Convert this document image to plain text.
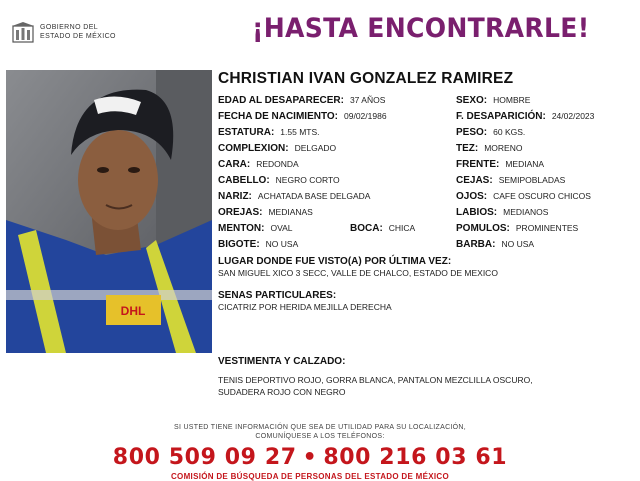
GOBIERNO DEL
ESTADO DE MÉXICO	¡HASTA ENCONTRARLE!
DHL
CHRISTIAN IVAN GONZALEZ RAMIREZ
EDAD AL DESAPARECER: 37 AÑOS
FECHA DE NACIMIENTO: 09/02/1986
ESTATURA: 1.55 MTS.
COMPLEXION: DELGADO
CARA: REDONDA
CABELLO: NEGRO CORTO
NARIZ: ACHATADA BASE DELGADA
OREJAS: MEDIANAS
MENTON: OVAL	BOCA: CHICA
BIGOTE: NO USA
SEXO: HOMBRE
F. DESAPARICIÓN: 24/02/2023
PESO: 60 KGS.
TEZ: MORENO
FRENTE: MEDIANA
CEJAS: SEMIPOBLADAS
OJOS: CAFE OSCURO CHICOS
LABIOS: MEDIANOS
POMULOS: PROMINENTES
BARBA: NO USA
LUGAR DONDE FUE VISTO(A) POR ÚLTIMA VEZ:
SAN MIGUEL XICO 3 SECC, VALLE DE CHALCO, ESTADO DE MEXICO
SENAS PARTICULARES:
CICATRIZ POR HERIDA MEJILLA DERECHA
VESTIMENTA Y CALZADO:
TENIS DEPORTIVO ROJO, GORRA BLANCA, PANTALON MEZCLILLA OSCURO,
SUDADERA ROJO CON NEGRO
SI USTED TIENE INFORMACIÓN QUE SEA DE UTILIDAD PARA SU LOCALIZACIÓN,
COMUNÍQUESE A LOS TELÉFONOS:
800 509 09 27 • 800 216 03 61
COMISIÓN DE BÚSQUEDA DE PERSONAS DEL ESTADO DE MÉXICO
